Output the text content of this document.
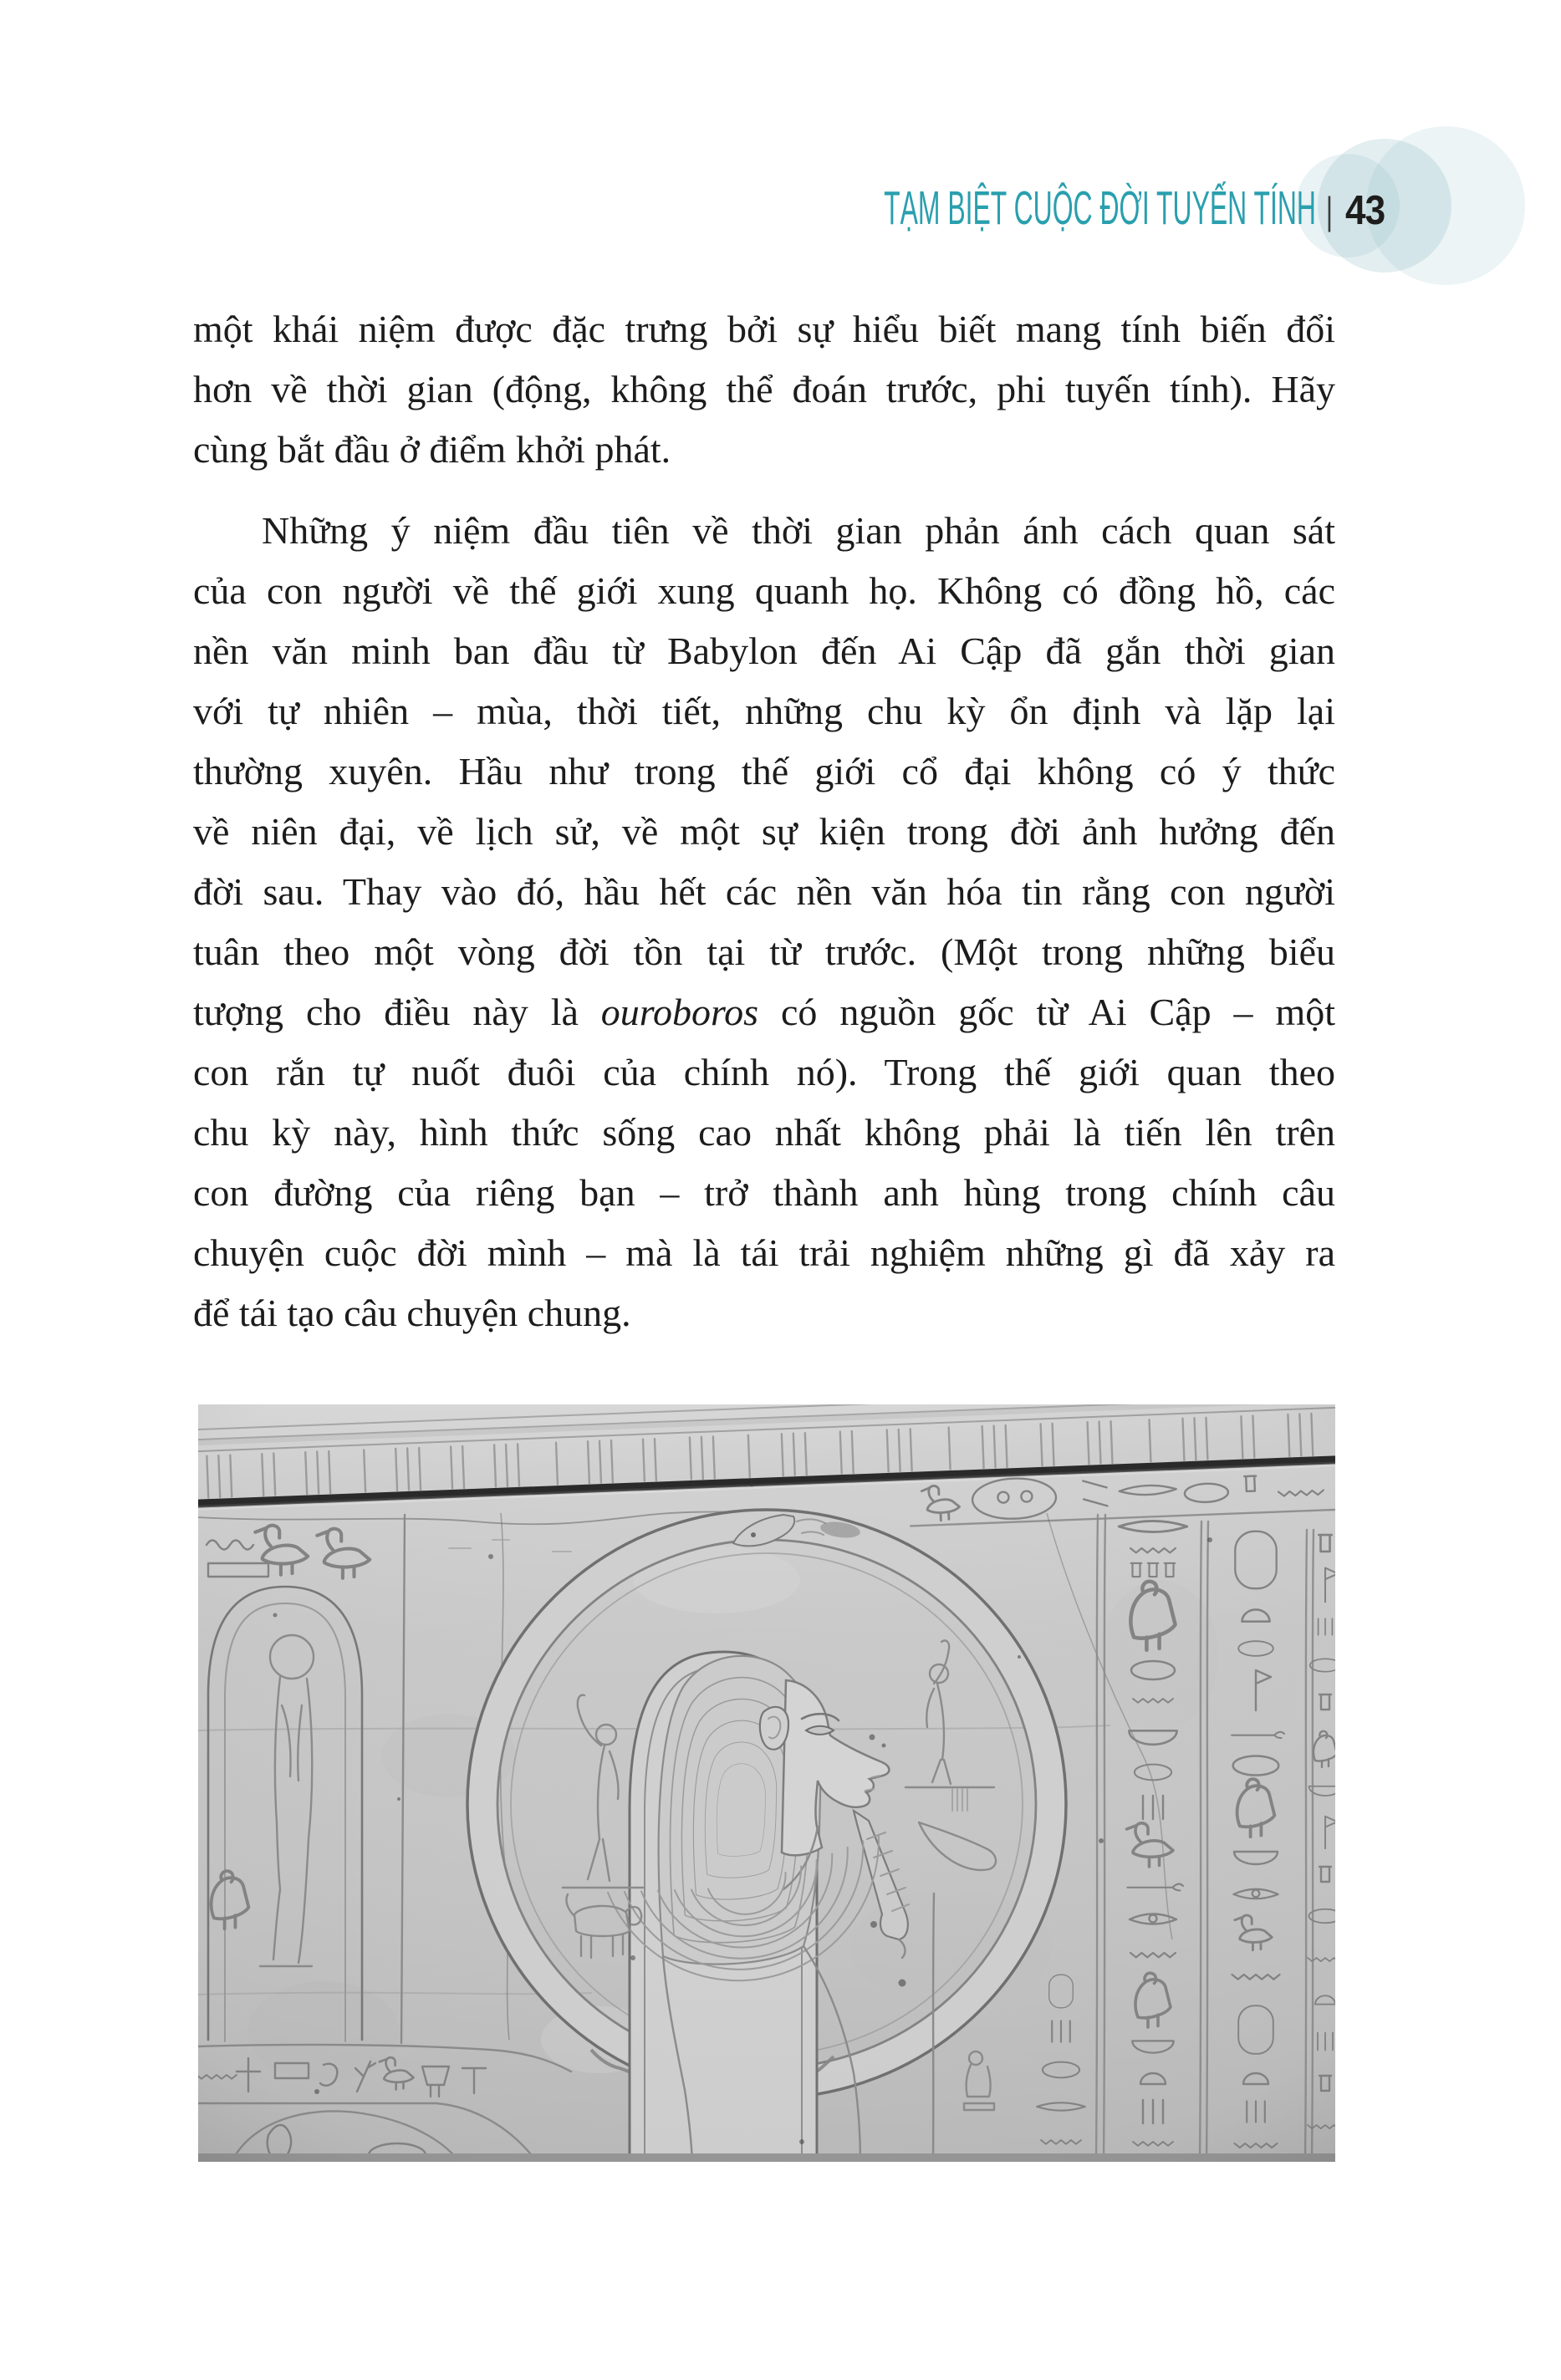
TẠM BIỆT CUỘC ĐỜI TUYẾN TÍNH | 43
một khái niệm được đặc trưng bởi sự hiểu biết mang tính biến đổi
hơn về thời gian (động, không thể đoán trước, phi tuyến tính). Hãy
cùng bắt đầu ở điểm khởi phát.
Những ý niệm đầu tiên về thời gian phản ánh cách quan sát
của con người về thế giới xung quanh họ. Không có đồng hồ, các
nền văn minh ban đầu từ Babylon đến Ai Cập đã gắn thời gian
với tự nhiên – mùa, thời tiết, những chu kỳ ổn định và lặp lại
thường xuyên. Hầu như trong thế giới cổ đại không có ý thức
về niên đại, về lịch sử, về một sự kiện trong đời ảnh hưởng đến
đời sau. Thay vào đó, hầu hết các nền văn hóa tin rằng con người
tuân theo một vòng đời tồn tại từ trước. (Một trong những biểu
tượng cho điều này là ouroboros có nguồn gốc từ Ai Cập – một
con rắn tự nuốt đuôi của chính nó). Trong thế giới quan theo
chu kỳ này, hình thức sống cao nhất không phải là tiến lên trên
con đường của riêng bạn – trở thành anh hùng trong chính câu
chuyện cuộc đời mình – mà là tái trải nghiệm những gì đã xảy ra
để tái tạo câu chuyện chung.
